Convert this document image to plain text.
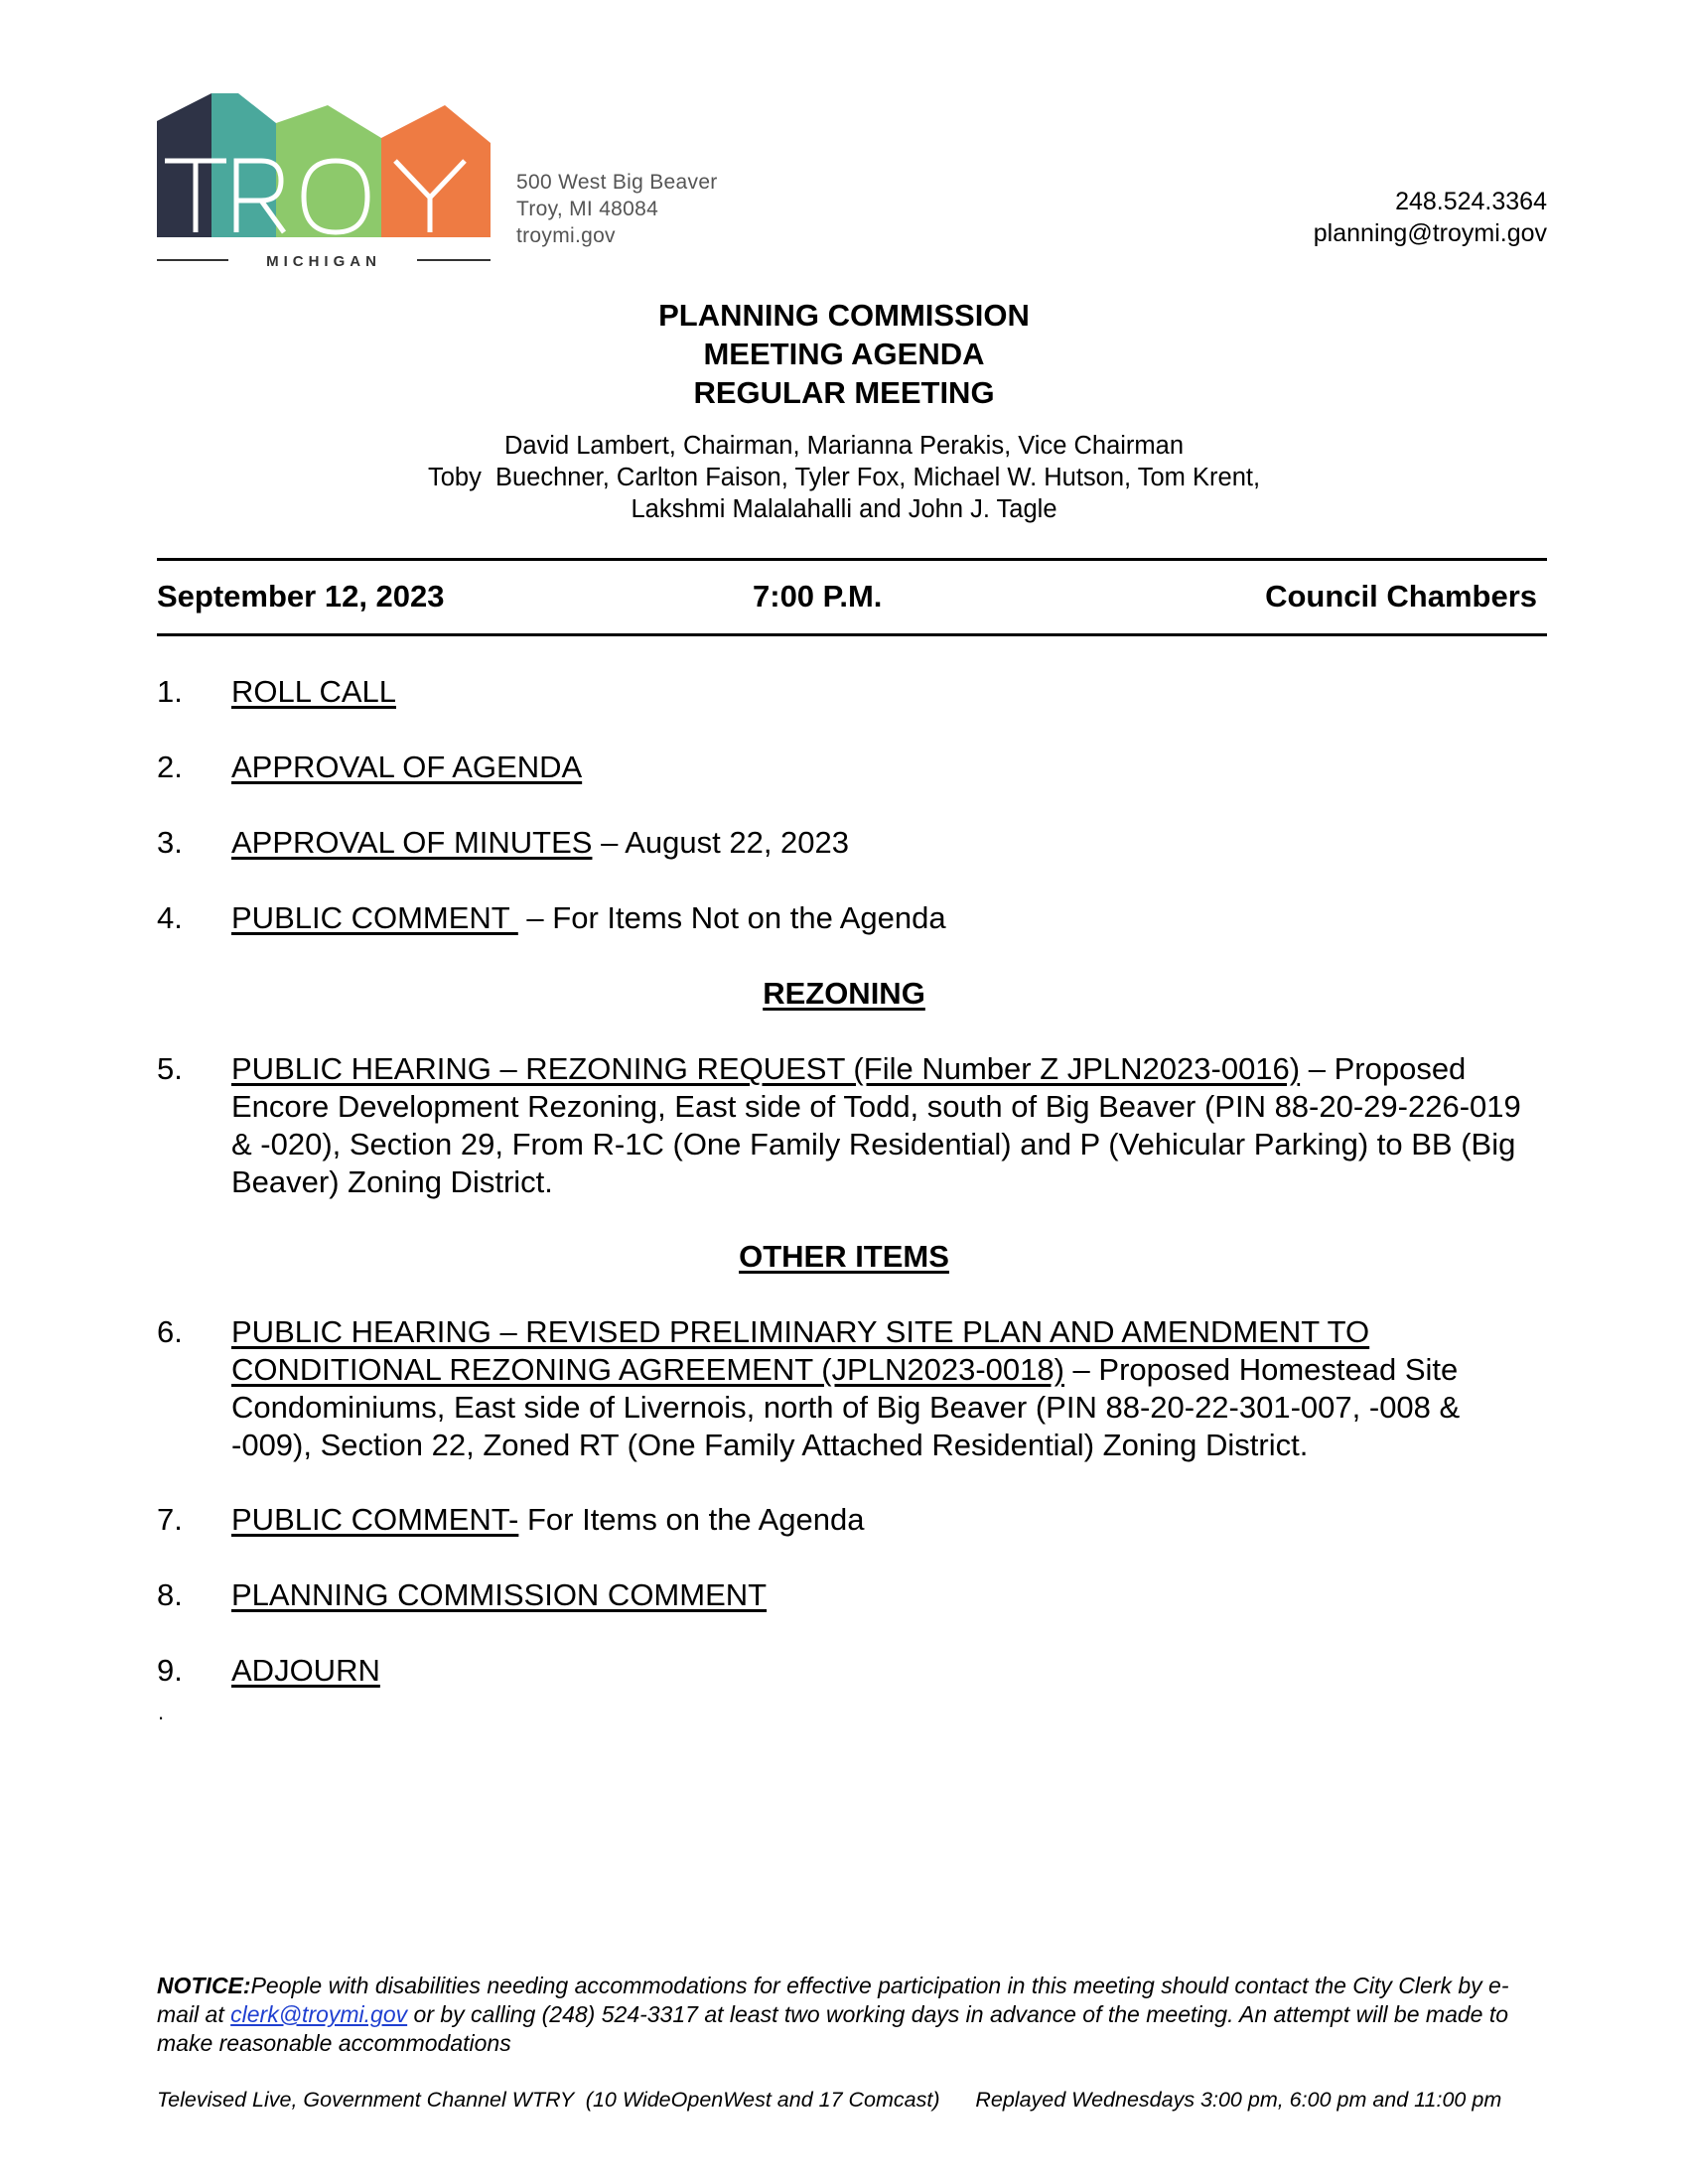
MICHIGAN
500 West Big Beaver
Troy, MI 48084
troymi.gov
248.524.3364
planning@troymi.gov
PLANNING COMMISSION
MEETING AGENDA
REGULAR MEETING
David Lambert, Chairman, Marianna Perakis, Vice Chairman
Toby  Buechner, Carlton Faison, Tyler Fox, Michael W. Hutson, Tom Krent,
Lakshmi Malalahalli and John J. Tagle
September 12, 2023	7:00 P.M.	Council Chambers
1. ROLL CALL
2. APPROVAL OF AGENDA
3. APPROVAL OF MINUTES – August 22, 2023
4. PUBLIC COMMENT  – For Items Not on the Agenda
REZONING
5. PUBLIC HEARING – REZONING REQUEST (File Number Z JPLN2023-0016) – Proposed Encore Development Rezoning, East side of Todd, south of Big Beaver (PIN 88-20-29-226-019 & -020), Section 29, From R-1C (One Family Residential) and P (Vehicular Parking) to BB (Big Beaver) Zoning District.
OTHER ITEMS
6. PUBLIC HEARING – REVISED PRELIMINARY SITE PLAN AND AMENDMENT TO CONDITIONAL REZONING AGREEMENT (JPLN2023-0018) – Proposed Homestead Site Condominiums, East side of Livernois, north of Big Beaver (PIN 88-20-22-301-007, -008 & -009), Section 22, Zoned RT (One Family Attached Residential) Zoning District.
7. PUBLIC COMMENT- For Items on the Agenda
8. PLANNING COMMISSION COMMENT
9. ADJOURN
.
NOTICE:People with disabilities needing accommodations for effective participation in this meeting should contact the City Clerk by e-mail at clerk@troymi.gov or by calling (248) 524-3317 at least two working days in advance of the meeting. An attempt will be made to make reasonable accommodations
Televised Live, Government Channel WTRY  (10 WideOpenWest and 17 Comcast) Replayed Wednesdays 3:00 pm, 6:00 pm and 11:00 pm
